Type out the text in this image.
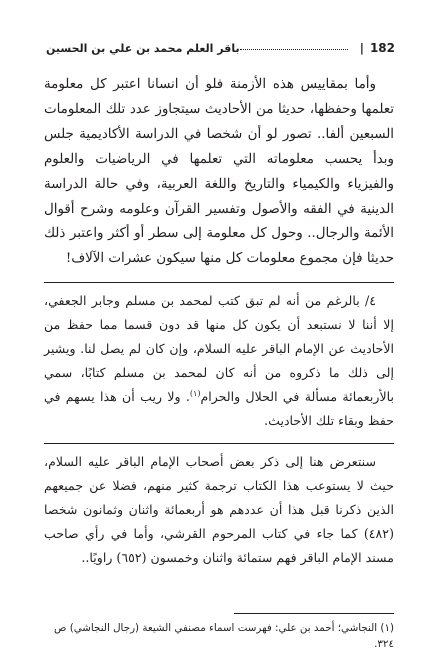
182
|
باقر العلم محمد بن علي بن الحسين

وأما بمقاييس هذه الأزمنة فلو أن انسانا اعتبر كل معلومة تعلمها وحفظها، حديثا من الأحاديث سيتجاوز عدد تلك المعلومات السبعين ألفا.. تصور لو أن شخصا في الدراسة الأكاديمية جلس وبدأ يحسب معلوماته التي تعلمها في الرياضيات والعلوم والفيزياء والكيمياء والتاريخ واللغة العربية، وفي حالة الدراسة الدينية في الفقه والأصول وتفسير القرآن وعلومه وشرح أقوال الأئمة والرجال.. وحول كل معلومة إلى سطر أو أكثر واعتبر ذلك حديثا فإن مجموع معلومات كل منها سيكون عشرات الآلاف!

٤/ بالرغم من أنه لم تبق كتب لمحمد بن مسلم وجابر الجعفي، إلا أننا لا نستبعد أن يكون كل منها قد دون قسما مما حفظ من الأحاديث عن الإمام الباقر عليه السلام، وإن كان لم يصل لنا. ويشير إلى ذلك ما ذكروه من أنه كان لمحمد بن مسلم كتابًا، سمي بالأربعمائة مسألة في الحلال والحرام$^{(١)}$. ولا ريب أن هذا يسهم في حفظ وبقاء تلك الأحاديث.

سنتعرض هنا إلى ذكر بعض أصحاب الإمام الباقر عليه السلام، حيث لا يستوعب هذا الكتاب ترجمة كثير منهم، فضلا عن جميعهم الذين ذكرنا قبل هذا أن عددهم هو أربعمائة واثنان وثمانون شخصا (٤٨٢) كما جاء في كتاب المرحوم القرشي، وأما في رأي صاحب مسند الإمام الباقر فهم ستمائة واثنان وخمسون (٦٥٢) راويًا..

(١) النجاشي؛ أحمد بن علي: فهرست اسماء مصنفي الشيعة (رجال النجاشي) ص ٣٢٤.
